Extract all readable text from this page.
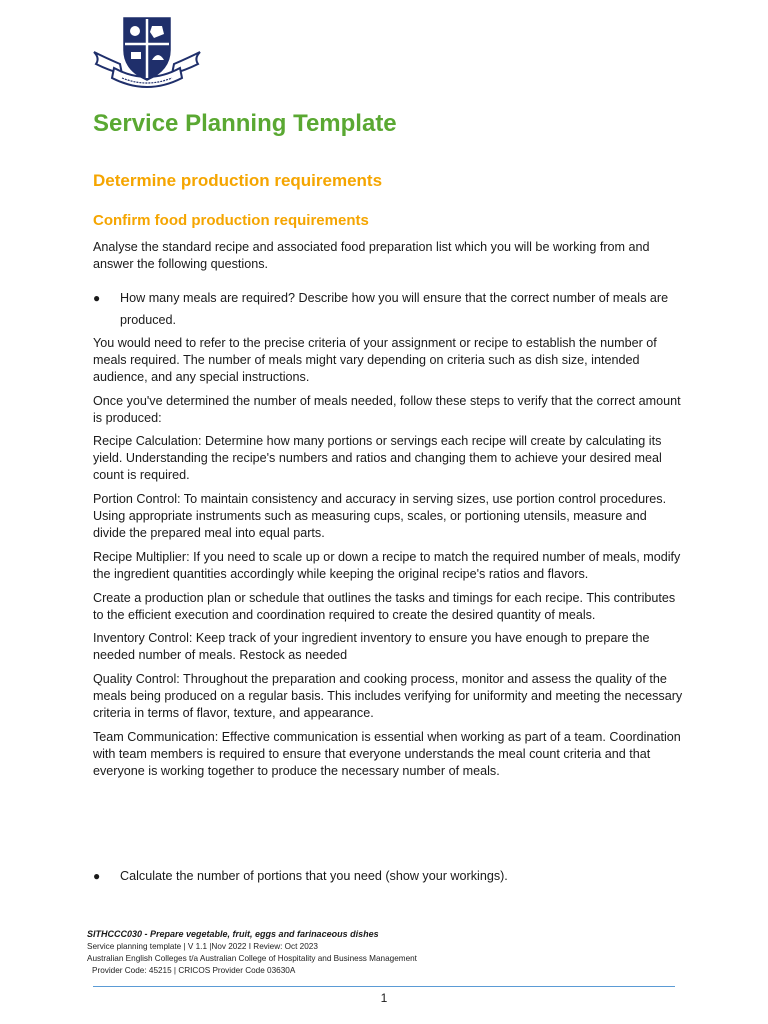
Service Planning Template
Determine production requirements
Confirm food production requirements

Analyse the standard recipe and associated food preparation list which you will be working from and answer the following questions.

● How many meals are required? Describe how you will ensure that the correct number of meals are produced.

You would need to refer to the precise criteria of your assignment or recipe to establish the number of meals required. The number of meals might vary depending on criteria such as dish size, intended audience, and any special instructions.

Once you've determined the number of meals needed, follow these steps to verify that the correct amount is produced:

Recipe Calculation: Determine how many portions or servings each recipe will create by calculating its yield. Understanding the recipe's numbers and ratios and changing them to achieve your desired meal count is required.

Portion Control: To maintain consistency and accuracy in serving sizes, use portion control procedures. Using appropriate instruments such as measuring cups, scales, or portioning utensils, measure and divide the prepared meal into equal parts.

Recipe Multiplier: If you need to scale up or down a recipe to match the required number of meals, modify the ingredient quantities accordingly while keeping the original recipe's ratios and flavors.

Create a production plan or schedule that outlines the tasks and timings for each recipe. This contributes to the efficient execution and coordination required to create the desired quantity of meals.

Inventory Control: Keep track of your ingredient inventory to ensure you have enough to prepare the needed number of meals. Restock as needed

Quality Control: Throughout the preparation and cooking process, monitor and assess the quality of the meals being produced on a regular basis. This includes verifying for uniformity and meeting the necessary criteria in terms of flavor, texture, and appearance.

Team Communication: Effective communication is essential when working as part of a team. Coordination with team members is required to ensure that everyone understands the meal count criteria and that everyone is working together to produce the necessary number of meals.

● Calculate the number of portions that you need (show your workings).
SITHCCC030 - Prepare vegetable, fruit, eggs and farinaceous dishes
Service planning template | V 1.1 |Nov 2022 I Review: Oct 2023
Australian English Colleges t/a Australian College of Hospitality and Business Management
Provider Code: 45215 | CRICOS Provider Code 03630A
1
